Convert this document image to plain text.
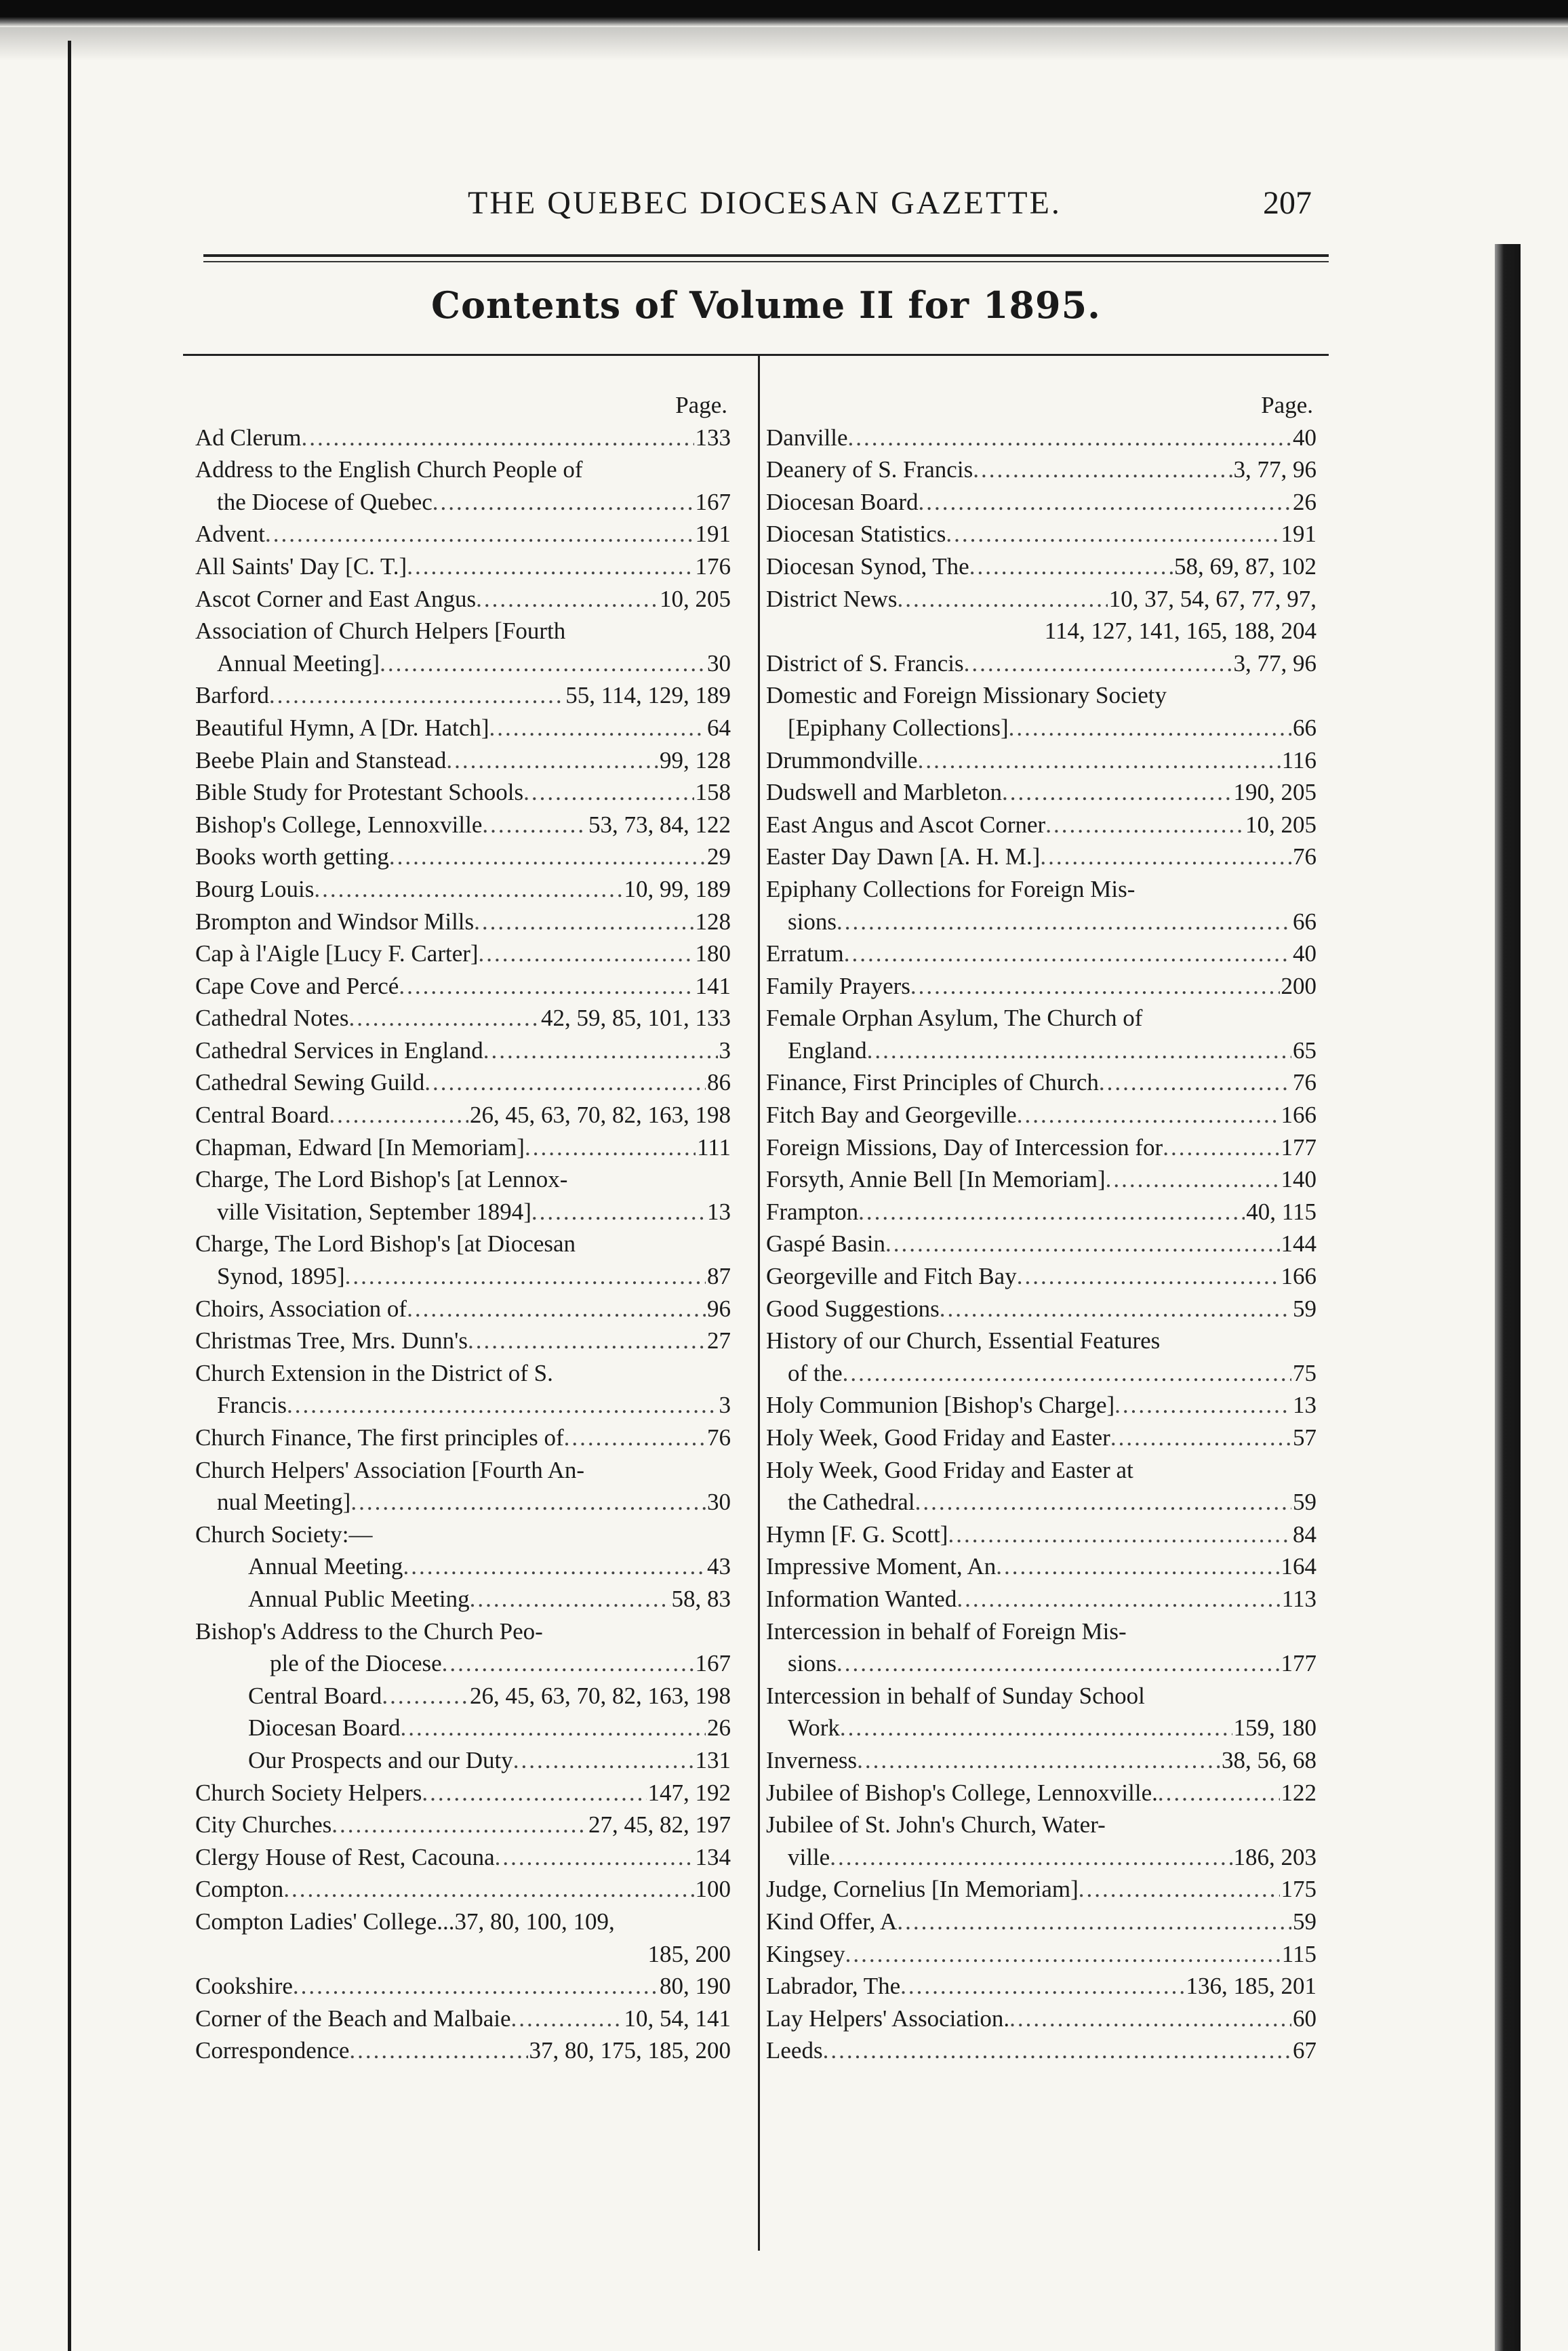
THE QUEBEC DIOCESAN GAZETTE.	207
Contents of Volume II for 1895.
Page.
Ad Clerum .....	133
Address to the English Church People of
the Diocese of Quebec .....	167
Advent .....	191
All Saints' Day [C. T.] .....	176
Ascot Corner and East Angus .....	10, 205
Association of Church Helpers [Fourth
Annual Meeting] .....	30
Barford .....	55, 114, 129, 189
Beautiful Hymn, A [Dr. Hatch] .....	64
Beebe Plain and Stanstead .....	99, 128
Bible Study for Protestant Schools .....	158
Bishop's College, Lennoxville .....	53, 73, 84, 122
Books worth getting .....	29
Bourg Louis .....	10, 99, 189
Brompton and Windsor Mills .....	128
Cap à l'Aigle [Lucy F. Carter] .....	180
Cape Cove and Percé .....	141
Cathedral Notes .....	42, 59, 85, 101, 133
Cathedral Services in England .....	3
Cathedral Sewing Guild .....	86
Central Board .....	26, 45, 63, 70, 82, 163, 198
Chapman, Edward [In Memoriam] .....	111
Charge, The Lord Bishop's [at Lennox-
ville Visitation, September 1894] .....	13
Charge, The Lord Bishop's [at Diocesan
Synod, 1895] .....	87
Choirs, Association of .....	96
Christmas Tree, Mrs. Dunn's .....	27
Church Extension in the District of S.
Francis .....	3
Church Finance, The first principles of .....	76
Church Helpers' Association [Fourth An-
nual Meeting] .....	30
Church Society:—
Annual Meeting .....	43
Annual Public Meeting .....	58, 83
Bishop's Address to the Church Peo-
ple of the Diocese .....	167
Central Board .....	26, 45, 63, 70, 82, 163, 198
Diocesan Board .....	26
Our Prospects and our Duty .....	131
Church Society Helpers .....	147, 192
City Churches .....	27, 45, 82, 197
Clergy House of Rest, Cacouna .....	134
Compton .....	100
Compton Ladies' College...37, 80, 100, 109,
185, 200
Cookshire .....	80, 190
Corner of the Beach and Malbaie .....	10, 54, 141
Correspondence .....	37, 80, 175, 185, 200
Page.
Danville .....	40
Deanery of S. Francis .....	3, 77, 96
Diocesan Board .....	26
Diocesan Statistics .....	191
Diocesan Synod, The .....	58, 69, 87, 102
District News .....	10, 37, 54, 67, 77, 97,
114, 127, 141, 165, 188, 204
District of S. Francis .....	3, 77, 96
Domestic and Foreign Missionary Society
[Epiphany Collections] .....	66
Drummondville .....	116
Dudswell and Marbleton .....	190, 205
East Angus and Ascot Corner .....	10, 205
Easter Day Dawn [A. H. M.] .....	76
Epiphany Collections for Foreign Mis-
sions .....	66
Erratum .....	40
Family Prayers .....	200
Female Orphan Asylum, The Church of
England .....	65
Finance, First Principles of Church .....	76
Fitch Bay and Georgeville .....	166
Foreign Missions, Day of Intercession for .....	177
Forsyth, Annie Bell [In Memoriam] .....	140
Frampton .....	40, 115
Gaspé Basin .....	144
Georgeville and Fitch Bay .....	166
Good Suggestions .....	59
History of our Church, Essential Features
of the .....	75
Holy Communion [Bishop's Charge] .....	13
Holy Week, Good Friday and Easter .....	57
Holy Week, Good Friday and Easter at
the Cathedral .....	59
Hymn [F. G. Scott] .....	84
Impressive Moment, An .....	164
Information Wanted .....	113
Intercession in behalf of Foreign Mis-
sions .....	177
Intercession in behalf of Sunday School
Work .....	159, 180
Inverness .....	38, 56, 68
Jubilee of Bishop's College, Lennoxville. .....	122
Jubilee of St. John's Church, Water-
ville .....	186, 203
Judge, Cornelius [In Memoriam] .....	175
Kind Offer, A .....	59
Kingsey .....	115
Labrador, The .....	136, 185, 201
Lay Helpers' Association. .....	60
Leeds .....	67
